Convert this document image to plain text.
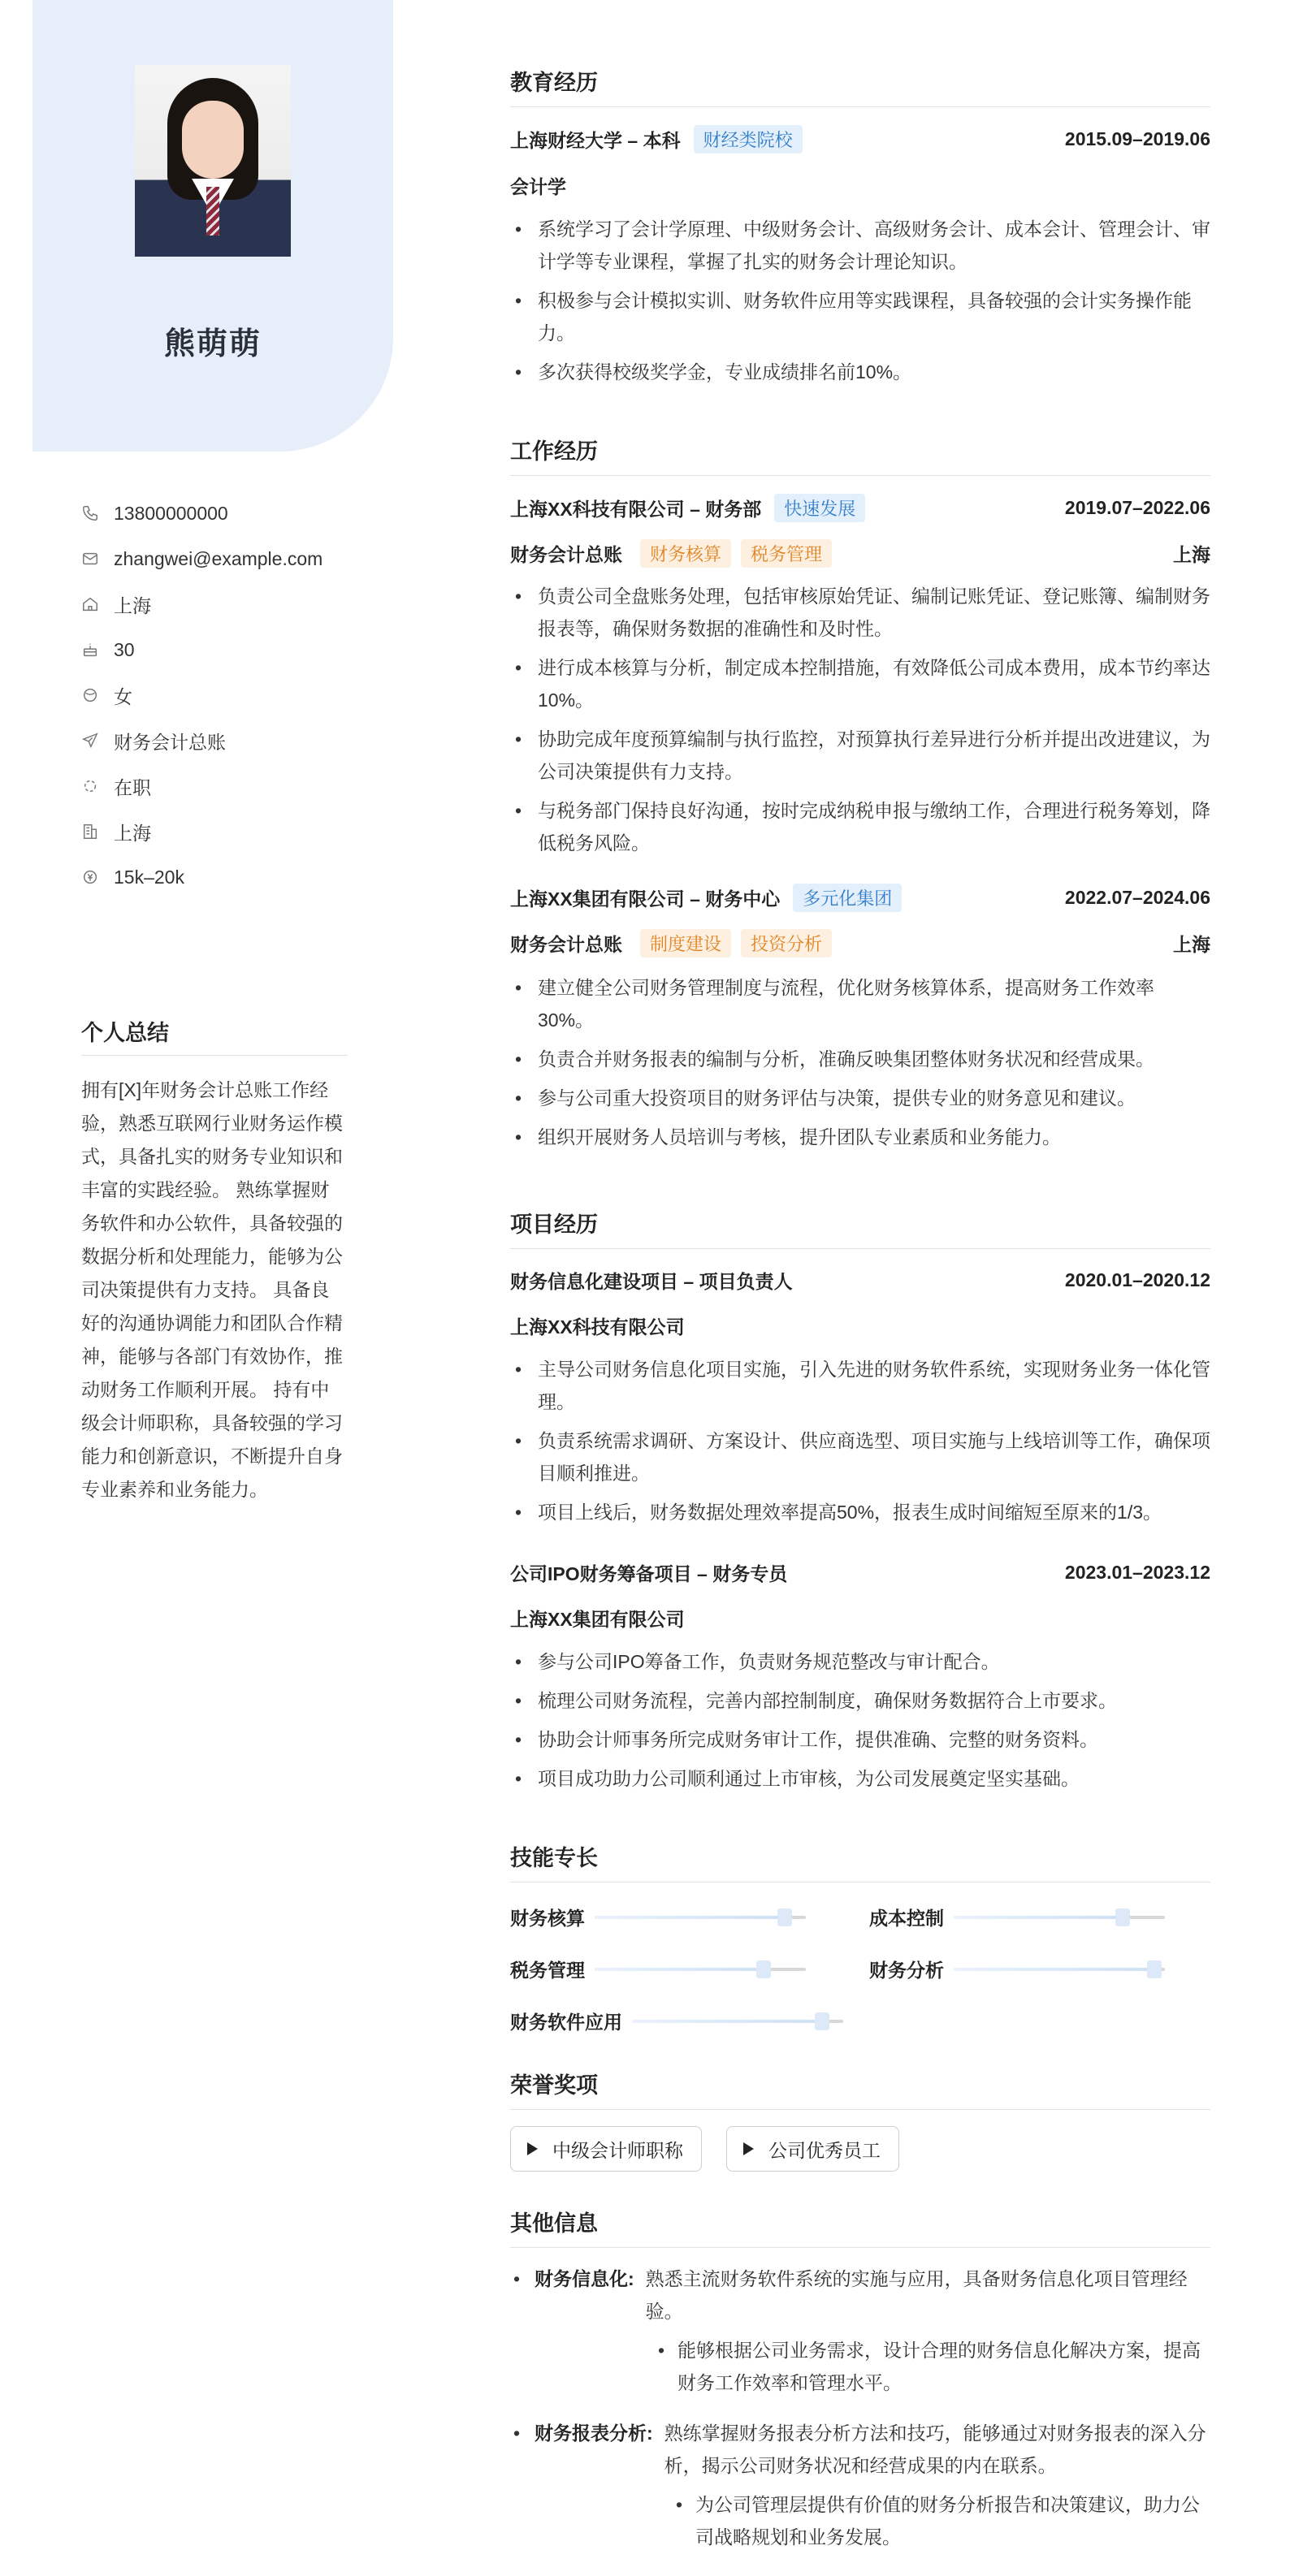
熊萌萌
13800000000
zhangwei@example.com
上海
30
女
财务会计总账
在职
上海
15k–20k
个人总结
拥有[X]年财务会计总账工作经验，熟悉互联网行业财务运作模式，具备扎实的财务专业知识和丰富的实践经验。 熟练掌握财务软件和办公软件，具备较强的数据分析和处理能力，能够为公司决策提供有力支持。 具备良好的沟通协调能力和团队合作精神，能够与各部门有效协作，推动财务工作顺利开展。 持有中级会计师职称，具备较强的学习能力和创新意识，不断提升自身专业素养和业务能力。
教育经历
上海财经大学 – 本科	财经类院校	2015.09–2019.06
会计学
• 系统学习了会计学原理、中级财务会计、高级财务会计、成本会计、管理会计、审计学等专业课程，掌握了扎实的财务会计理论知识。
• 积极参与会计模拟实训、财务软件应用等实践课程，具备较强的会计实务操作能力。
• 多次获得校级奖学金，专业成绩排名前10%。
工作经历
上海XX科技有限公司 – 财务部	快速发展	2019.07–2022.06
财务会计总账	财务核算	税务管理	上海
• 负责公司全盘账务处理，包括审核原始凭证、编制记账凭证、登记账簿、编制财务报表等，确保财务数据的准确性和及时性。
• 进行成本核算与分析，制定成本控制措施，有效降低公司成本费用，成本节约率达10%。
• 协助完成年度预算编制与执行监控，对预算执行差异进行分析并提出改进建议，为公司决策提供有力支持。
• 与税务部门保持良好沟通，按时完成纳税申报与缴纳工作，合理进行税务筹划，降低税务风险。
上海XX集团有限公司 – 财务中心	多元化集团	2022.07–2024.06
财务会计总账	制度建设	投资分析	上海
• 建立健全公司财务管理制度与流程，优化财务核算体系，提高财务工作效率30%。
• 负责合并财务报表的编制与分析，准确反映集团整体财务状况和经营成果。
• 参与公司重大投资项目的财务评估与决策，提供专业的财务意见和建议。
• 组织开展财务人员培训与考核，提升团队专业素质和业务能力。
项目经历
财务信息化建设项目 – 项目负责人	2020.01–2020.12
上海XX科技有限公司
• 主导公司财务信息化项目实施，引入先进的财务软件系统，实现财务业务一体化管理。
• 负责系统需求调研、方案设计、供应商选型、项目实施与上线培训等工作，确保项目顺利推进。
• 项目上线后，财务数据处理效率提高50%，报表生成时间缩短至原来的1/3。
公司IPO财务筹备项目 – 财务专员	2023.01–2023.12
上海XX集团有限公司
• 参与公司IPO筹备工作，负责财务规范整改与审计配合。
• 梳理公司财务流程，完善内部控制制度，确保财务数据符合上市要求。
• 协助会计师事务所完成财务审计工作，提供准确、完整的财务资料。
• 项目成功助力公司顺利通过上市审核，为公司发展奠定坚实基础。
技能专长
财务核算	成本控制
税务管理	财务分析
财务软件应用
荣誉奖项
中级会计师职称	公司优秀员工
其他信息
• 财务信息化: 熟悉主流财务软件系统的实施与应用，具备财务信息化项目管理经验。
• 能够根据公司业务需求，设计合理的财务信息化解决方案，提高财务工作效率和管理水平。
• 财务报表分析: 熟练掌握财务报表分析方法和技巧，能够通过对财务报表的深入分析，揭示公司财务状况和经营成果的内在联系。
• 为公司管理层提供有价值的财务分析报告和决策建议，助力公司战略规划和业务发展。
